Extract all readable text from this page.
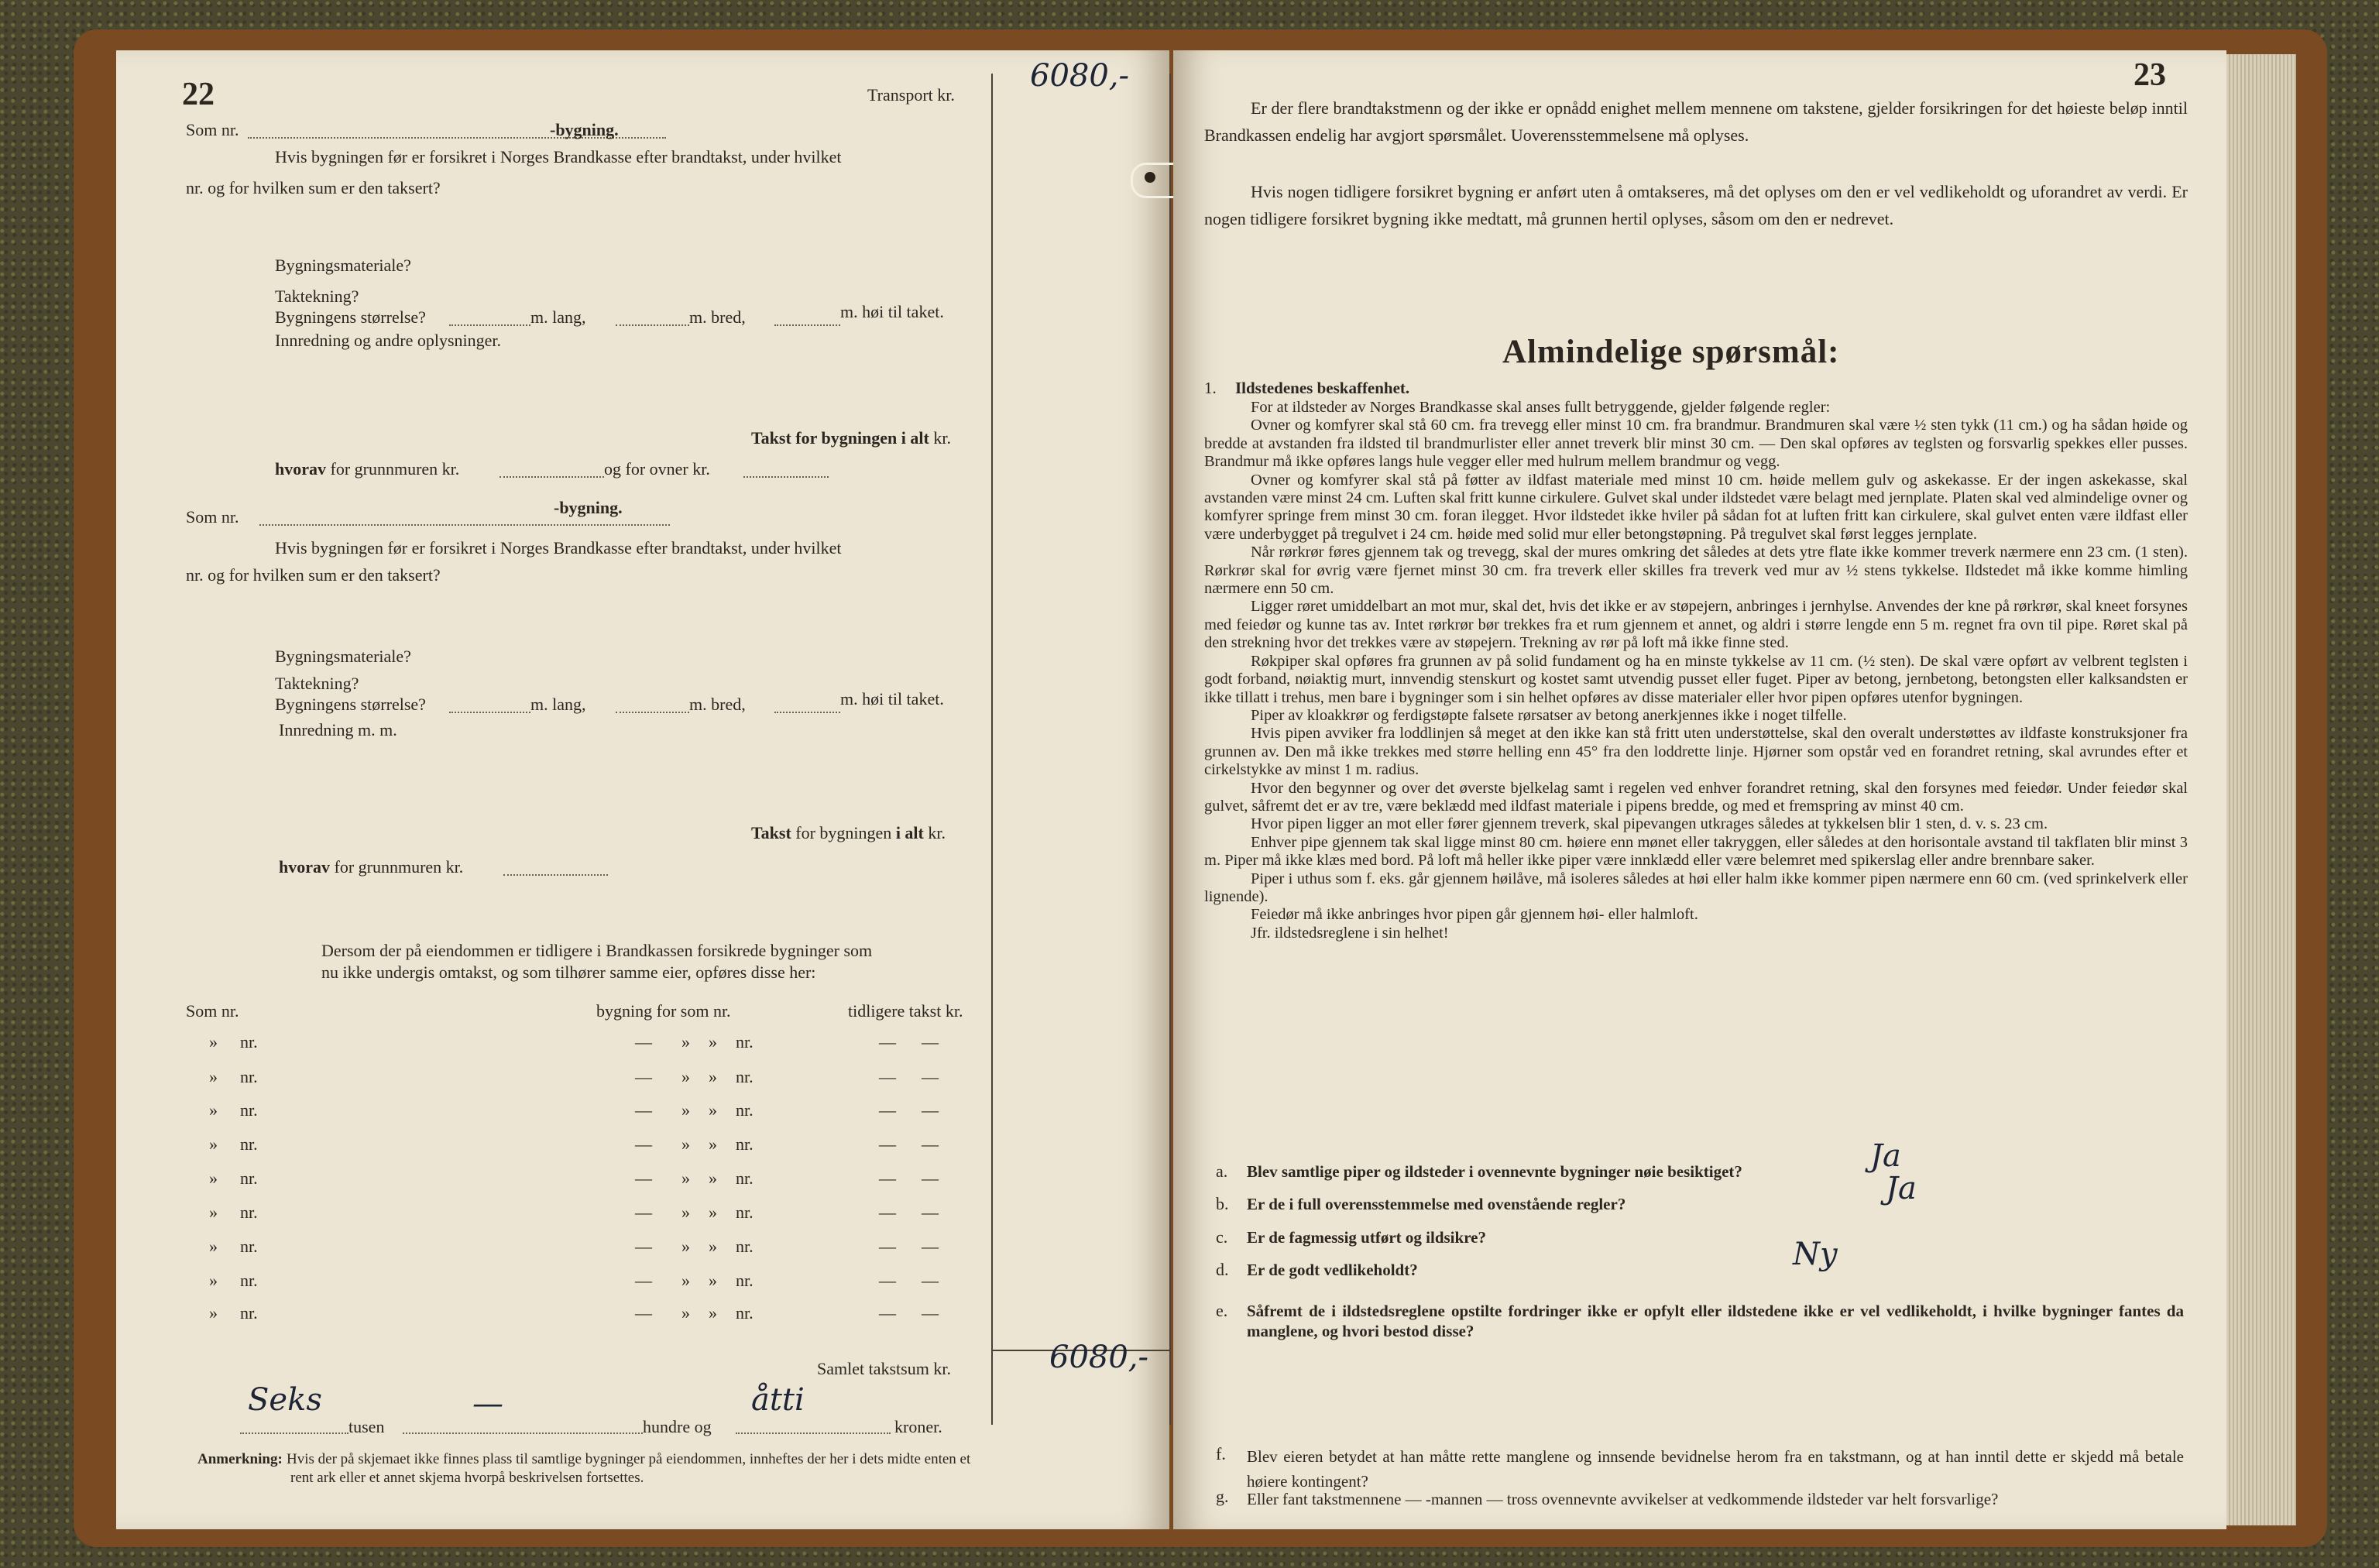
22	Transport kr.
6080,-
Som nr.	-bygning.
Hvis bygningen før er forsikret i Norges Brandkasse efter brandtakst, under hvilket
nr. og for hvilken sum er den taksert?
Bygningsmateriale?
Taktekning?
Bygningens størrelse?	m. lang,	m. bred,	m. høi til taket.
Innredning og andre oplysninger.
Takst for bygningen i alt kr.
hvorav for grunnmuren kr.	og for ovner kr.
Som nr.	-bygning.
Hvis bygningen før er forsikret i Norges Brandkasse efter brandtakst, under hvilket
nr. og for hvilken sum er den taksert?
Bygningsmateriale?
Taktekning?
Bygningens størrelse?	m. lang,	m. bred,	m. høi til taket.
Innredning m. m.
Takst for bygningen i alt kr.
hvorav for grunnmuren kr.
Dersom der på eiendommen er tidligere i Brandkassen forsikrede bygninger som
nu ikke undergis omtakst, og som tilhører samme eier, opføres disse her:
Som nr.	bygning for som nr.	tidligere takst kr.
» nr.	— » » nr.	— —
» nr.	— » » nr.	— —
» nr.	— » » nr.	— —
» nr.	— » » nr.	— —
» nr.	— » » nr.	— —
» nr.	— » » nr.	— —
» nr.	— » » nr.	— —
» nr.	— » » nr.	— —
» nr.	— » » nr.	— —
Samlet takstsum kr.	6080,-
Seks
tusen
—
hundre og
åtti
kroner.
Anmerkning: Hvis der på skjemaet ikke finnes plass til samtlige bygninger på eiendommen, innheftes der her i dets midte enten et
rent ark eller et annet skjema hvorpå beskrivelsen fortsettes.
23

Er der flere brandtakstmenn og der ikke er opnådd enighet mellem mennene om takstene, gjelder forsikringen for det høieste beløp inntil Brandkassen endelig har avgjort spørsmålet. Uoverensstemmelsene må oplyses.

Hvis nogen tidligere forsikret bygning er anført uten å omtakseres, må det oplyses om den er vel vedlikeholdt og uforandret av verdi. Er nogen tidligere forsikret bygning ikke medtatt, må grunnen hertil oplyses, såsom om den er nedrevet.

Almindelige spørsmål:
1. Ildstedenes beskaffenhet.

For at ildsteder av Norges Brandkasse skal anses fullt betryggende, gjelder følgende regler:

Ovner og komfyrer skal stå 60 cm. fra trevegg eller minst 10 cm. fra brandmur. Brandmuren skal være ½ sten tykk (11 cm.) og ha sådan høide og bredde at avstanden fra ildsted til brandmurlister eller annet treverk blir minst 30 cm. — Den skal opføres av teglsten og forsvarlig spekkes eller pusses. Brandmur må ikke opføres langs hule vegger eller med hulrum mellem brandmur og vegg.

Ovner og komfyrer skal stå på føtter av ildfast materiale med minst 10 cm. høide mellem gulv og askekasse. Er der ingen askekasse, skal avstanden være minst 24 cm. Luften skal fritt kunne cirkulere. Gulvet skal under ildstedet være belagt med jernplate. Platen skal ved almindelige ovner og komfyrer springe frem minst 30 cm. foran ilegget. Hvor ildstedet ikke hviler på sådan fot at luften fritt kan cirkulere, skal gulvet enten være ildfast eller være underbygget på tregulvet i 24 cm. høide med solid mur eller betongstøpning. På tregulvet skal først legges jernplate.

Når rørkrør føres gjennem tak og trevegg, skal der mures omkring det således at dets ytre flate ikke kommer treverk nærmere enn 23 cm. (1 sten). Rørkrør skal for øvrig være fjernet minst 30 cm. fra treverk eller skilles fra treverk ved mur av ½ stens tykkelse. Ildstedet må ikke komme himling nærmere enn 50 cm.

Ligger røret umiddelbart an mot mur, skal det, hvis det ikke er av støpejern, anbringes i jernhylse. Anvendes der kne på rørkrør, skal kneet forsynes med feiedør og kunne tas av. Intet rørkrør bør trekkes fra et rum gjennem et annet, og aldri i større lengde enn 5 m. regnet fra ovn til pipe. Røret skal på den strekning hvor det trekkes være av støpejern. Trekning av rør på loft må ikke finne sted.

Røkpiper skal opføres fra grunnen av på solid fundament og ha en minste tykkelse av 11 cm. (½ sten). De skal være opført av velbrent teglsten i godt forband, nøiaktig murt, innvendig stenskurt og kostet samt utvendig pusset eller fuget. Piper av betong, jernbetong, betongsten eller kalksandsten er ikke tillatt i trehus, men bare i bygninger som i sin helhet opføres av disse materialer eller hvor pipen opføres utenfor bygningen.

Piper av kloakkrør og ferdigstøpte falsete rørsatser av betong anerkjennes ikke i noget tilfelle.

Hvis pipen avviker fra loddlinjen så meget at den ikke kan stå fritt uten understøttelse, skal den overalt understøttes av ildfaste konstruksjoner fra grunnen av. Den må ikke trekkes med større helling enn 45° fra den loddrette linje. Hjørner som opstår ved en forandret retning, skal avrundes efter et cirkelstykke av minst 1 m. radius.

Hvor den begynner og over det øverste bjelkelag samt i regelen ved enhver forandret retning, skal den forsynes med feiedør. Under feiedør skal gulvet, såfremt det er av tre, være beklædd med ildfast materiale i pipens bredde, og med et fremspring av minst 40 cm.

Hvor pipen ligger an mot eller fører gjennem treverk, skal pipevangen utkrages således at tykkelsen blir 1 sten, d. v. s. 23 cm.

Enhver pipe gjennem tak skal ligge minst 80 cm. høiere enn mønet eller takryggen, eller således at den horisontale avstand til takflaten blir minst 3 m. Piper må ikke klæs med bord. På loft må heller ikke piper være innklædd eller være belemret med spikerslag eller andre brennbare saker.

Piper i uthus som f. eks. går gjennem høilåve, må isoleres således at høi eller halm ikke kommer pipen nærmere enn 60 cm. (ved sprinkelverk eller lignende).

Feiedør må ikke anbringes hvor pipen går gjennem høi- eller halmloft.

Jfr. ildstedsreglene i sin helhet!

a. Blev samtlige piper og ildsteder i ovennevnte bygninger nøie besiktiget?	Ja
b. Er de i full overensstemmelse med ovenstående regler?	Ja
c. Er de fagmessig utført og ildsikre?
d. Er de godt vedlikeholdt?	Ny
e. Såfremt de i ildstedsreglene opstilte fordringer ikke er opfylt eller ildstedene ikke er vel vedlikeholdt, i hvilke bygninger fantes da manglene, og hvori bestod disse?
f. Blev eieren betydet at han måtte rette manglene og innsende bevidnelse herom fra en takstmann, og at han inntil dette er skjedd må betale høiere kontingent?
g. Eller fant takstmennene — -mannen — tross ovennevnte avvikelser at vedkommende ildsteder var helt forsvarlige?
